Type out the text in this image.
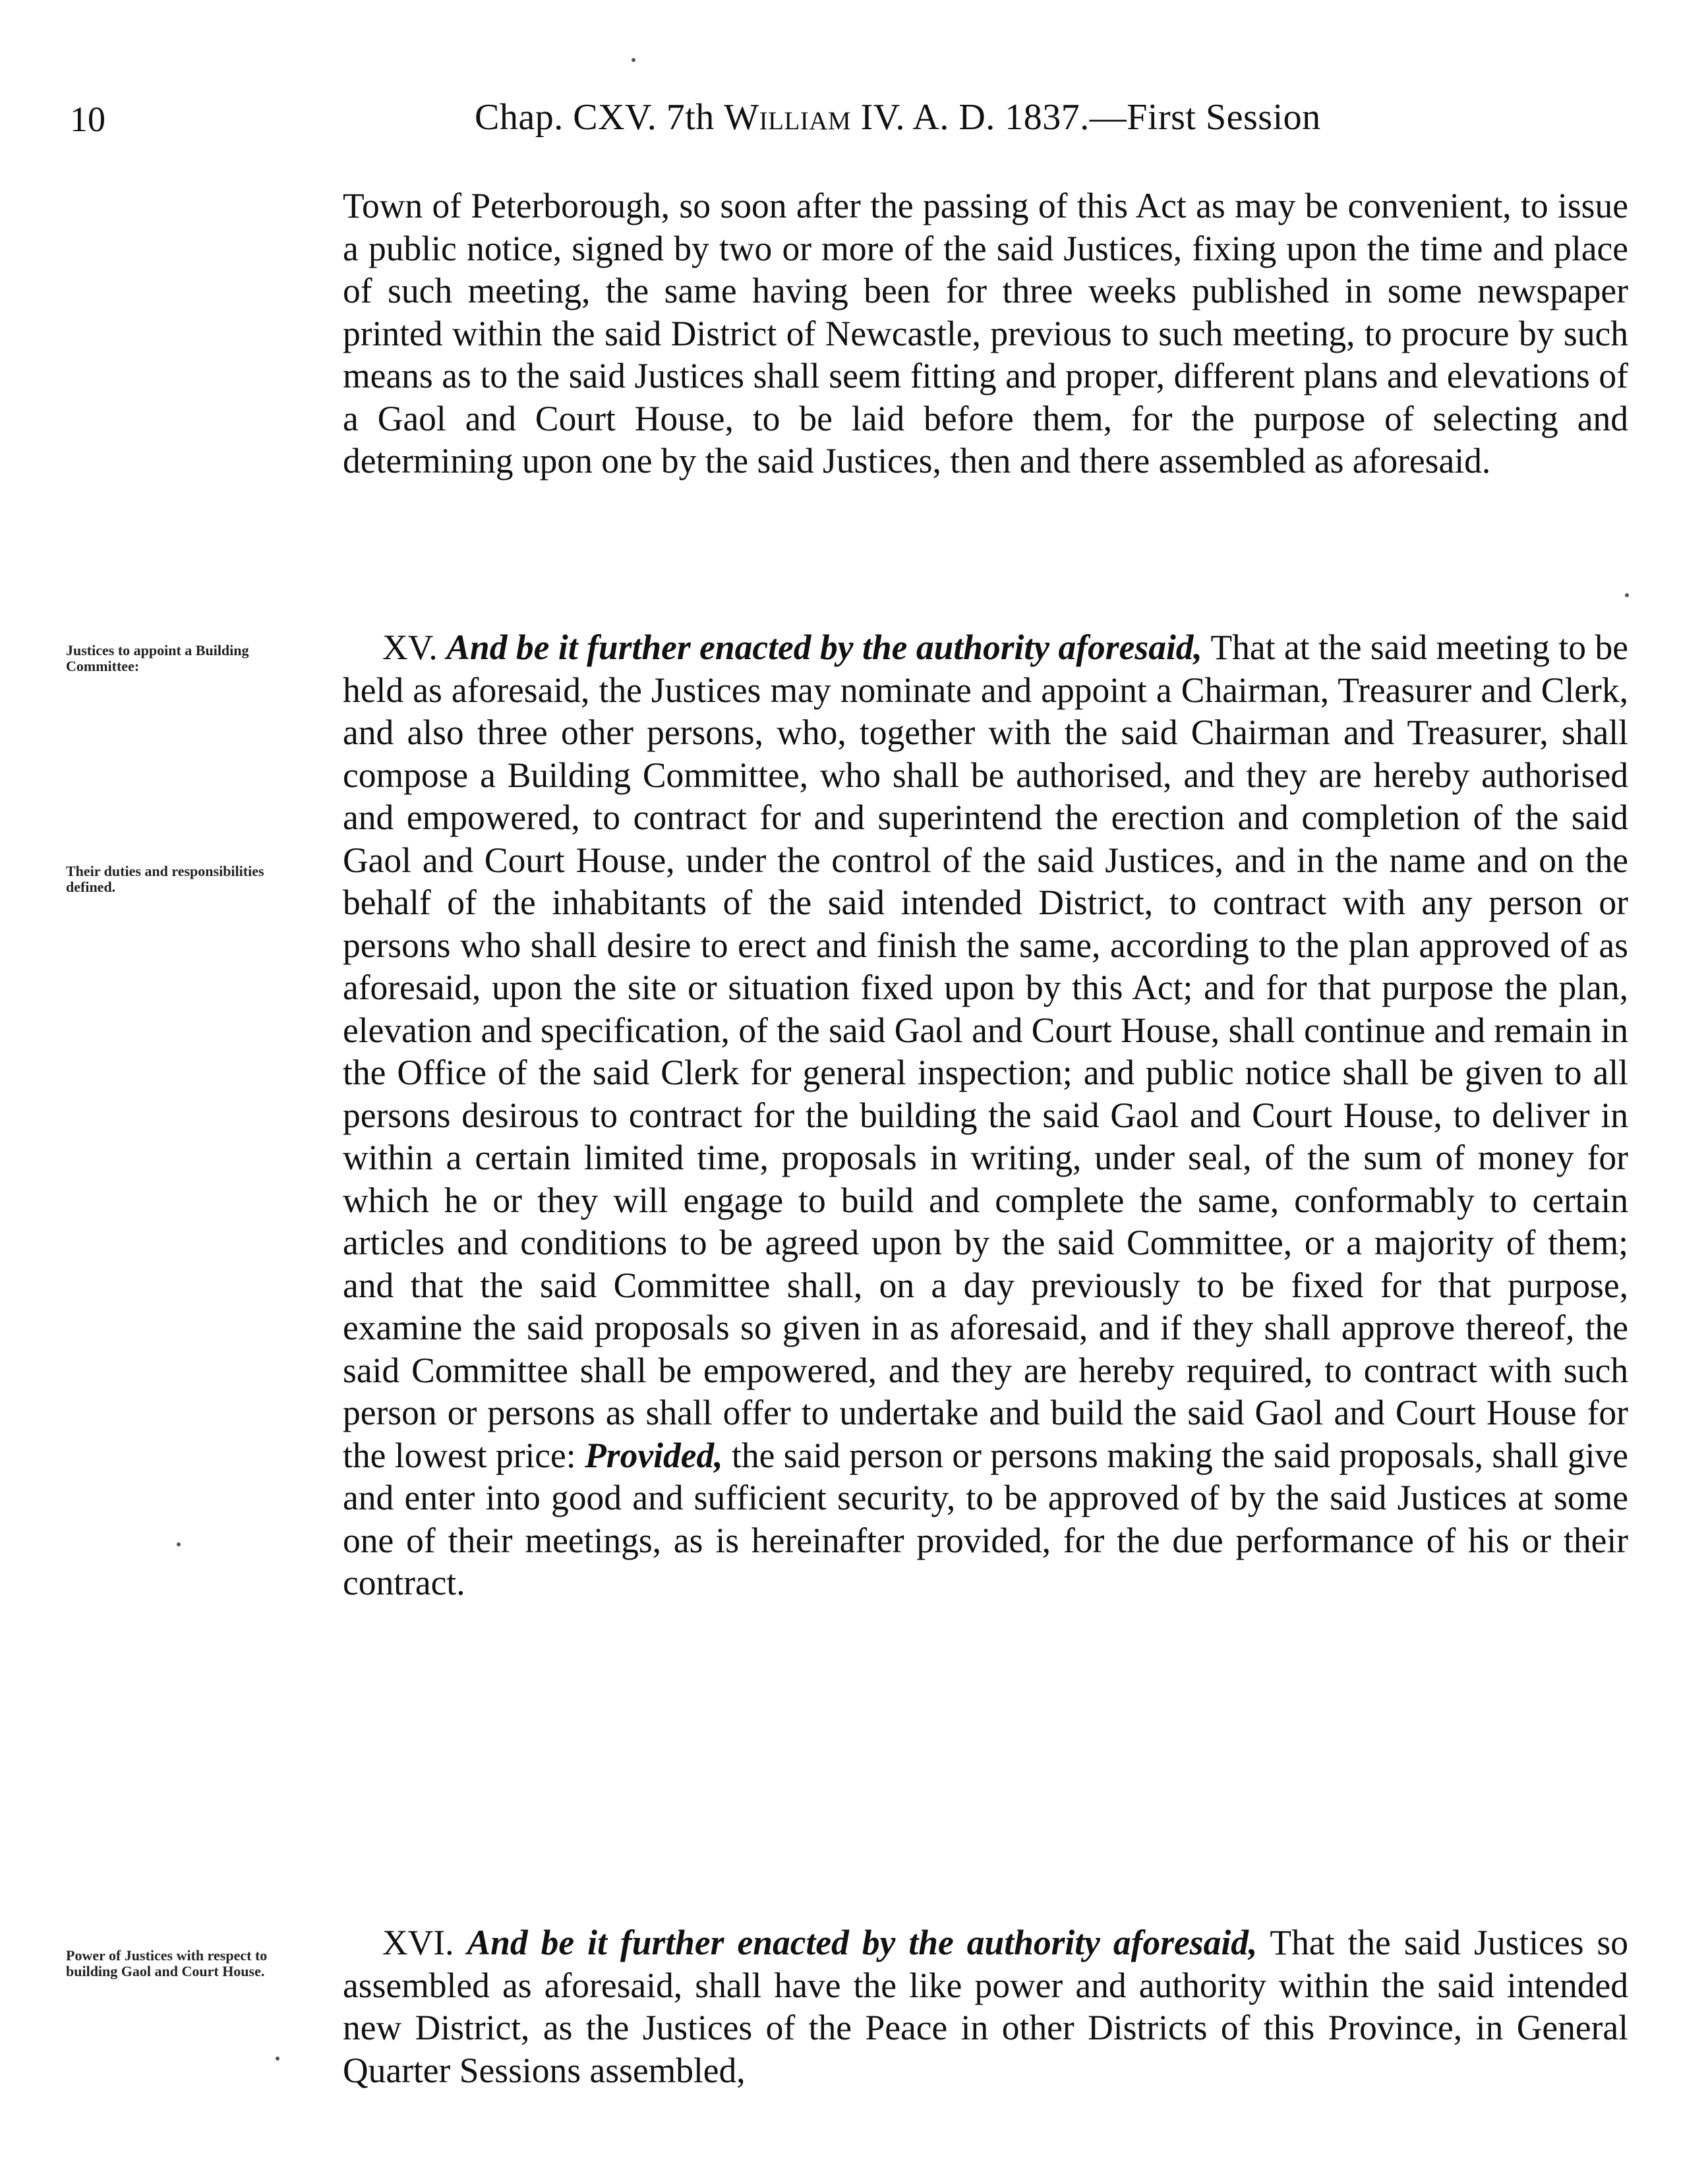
10	Chap. CXV. 7th William IV. A. D. 1837.—First Session
Town of Peterborough, so soon after the passing of this Act as may be convenient, to issue a public notice, signed by two or more of the said Justices, fixing upon the time and place of such meeting, the same having been for three weeks published in some newspaper printed within the said District of Newcastle, previous to such meeting, to procure by such means as to the said Justices shall seem fitting and proper, different plans and elevations of a Gaol and Court House, to be laid before them, for the purpose of selecting and determining upon one by the said Justices, then and there assembled as aforesaid.
Justices to appoint a Building Committee:
Their duties and responsibilities defined.
XV. And be it further enacted by the authority aforesaid, That at the said meeting to be held as aforesaid, the Justices may nominate and appoint a Chairman, Treasurer and Clerk, and also three other persons, who, together with the said Chairman and Treasurer, shall compose a Building Committee, who shall be authorised, and they are hereby authorised and empowered, to contract for and superintend the erection and completion of the said Gaol and Court House, under the control of the said Justices, and in the name and on the behalf of the inhabitants of the said intended District, to contract with any person or persons who shall desire to erect and finish the same, according to the plan approved of as aforesaid, upon the site or situation fixed upon by this Act; and for that purpose the plan, elevation and specification, of the said Gaol and Court House, shall continue and remain in the Office of the said Clerk for general inspection; and public notice shall be given to all persons desirous to contract for the building the said Gaol and Court House, to deliver in within a certain limited time, proposals in writing, under seal, of the sum of money for which he or they will engage to build and complete the same, conformably to certain articles and conditions to be agreed upon by the said Committee, or a majority of them; and that the said Committee shall, on a day previously to be fixed for that purpose, examine the said proposals so given in as aforesaid, and if they shall approve thereof, the said Committee shall be empowered, and they are hereby required, to contract with such person or persons as shall offer to undertake and build the said Gaol and Court House for the lowest price: Provided, the said person or persons making the said proposals, shall give and enter into good and sufficient security, to be approved of by the said Justices at some one of their meetings, as is hereinafter provided, for the due performance of his or their contract.
Power of Justices with respect to building Gaol and Court House.
XVI. And be it further enacted by the authority aforesaid, That the said Justices so assembled as aforesaid, shall have the like power and authority within the said intended new District, as the Justices of the Peace in other Districts of this Province, in General Quarter Sessions assembled,
